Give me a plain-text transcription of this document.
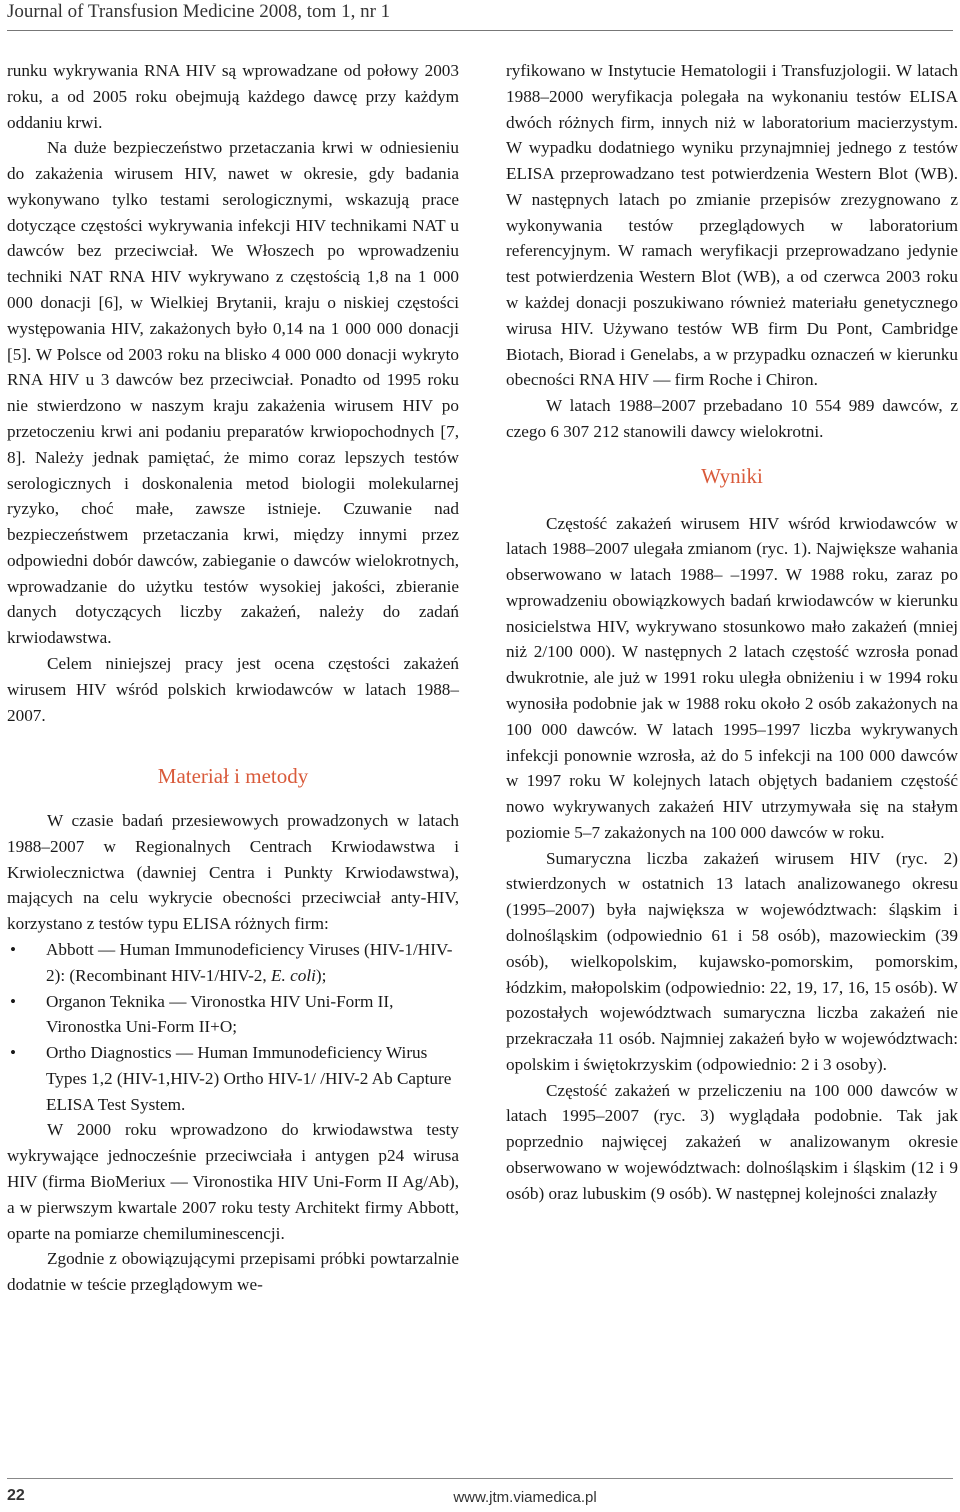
Journal of Transfusion Medicine 2008, tom 1, nr 1

runku wykrywania RNA HIV są wprowadzane od połowy 2003 roku, a od 2005 roku obejmują każdego dawcę przy każdym oddaniu krwi.

Na duże bezpieczeństwo przetaczania krwi w odniesieniu do zakażenia wirusem HIV, nawet w okresie, gdy badania wykonywano tylko testami serologicznymi, wskazują prace dotyczące częstości wykrywania infekcji HIV technikami NAT u dawców bez przeciwciał. We Włoszech po wprowadzeniu techniki NAT RNA HIV wykrywano z częstością 1,8 na 1 000 000 donacji [6], w Wielkiej Brytanii, kraju o niskiej częstości występowania HIV, zakażonych było 0,14 na 1 000 000 donacji [5]. W Polsce od 2003 roku na blisko 4 000 000 donacji wykryto RNA HIV u 3 dawców bez przeciwciał. Ponadto od 1995 roku nie stwierdzono w naszym kraju zakażenia wirusem HIV po przetoczeniu krwi ani podaniu preparatów krwiopochodnych [7, 8]. Należy jednak pamiętać, że mimo coraz lepszych testów serologicznych i doskonalenia metod biologii molekularnej ryzyko, choć małe, zawsze istnieje. Czuwanie nad bezpieczeństwem przetaczania krwi, między innymi przez odpowiedni dobór dawców, zabieganie o dawców wielokrotnych, wprowadzanie do użytku testów wysokiej jakości, zbieranie danych dotyczących liczby zakażeń, należy do zadań krwiodawstwa.

Celem niniejszej pracy jest ocena częstości zakażeń wirusem HIV wśród polskich krwiodawców w latach 1988–2007.

Materiał i metody

W czasie badań przesiewowych prowadzonych w latach 1988–2007 w Regionalnych Centrach Krwiodawstwa i Krwiolecznictwa (dawniej Centra i Punkty Krwiodawstwa), mających na celu wykrycie obecności przeciwciał anty-HIV, korzystano z testów typu ELISA różnych firm:

• Abbott — Human Immunodeficiency Viruses (HIV-1/HIV-2): (Recombinant HIV-1/HIV-2, E. coli);
• Organon Teknika — Vironostka HIV Uni-Form II, Vironostka Uni-Form II+O;
• Ortho Diagnostics — Human Immunodeficiency Wirus Types 1,2 (HIV-1,HIV-2) Ortho HIV-1/ /HIV-2 Ab Capture ELISA Test System.

W 2000 roku wprowadzono do krwiodawstwa testy wykrywające jednocześnie przeciwciała i antygen p24 wirusa HIV (firma BioMeriux — Vironostika HIV Uni-Form II Ag/Ab), a w pierwszym kwartale 2007 roku testy Architekt firmy Abbott, oparte na pomiarze chemiluminescencji.

Zgodnie z obowiązującymi przepisami próbki powtarzalnie dodatnie w teście przeglądowym we-

ryfikowano w Instytucie Hematologii i Transfuzjologii. W latach 1988–2000 weryfikacja polegała na wykonaniu testów ELISA dwóch różnych firm, innych niż w laboratorium macierzystym. W wypadku dodatniego wyniku przynajmniej jednego z testów ELISA przeprowadzano test potwierdzenia Western Blot (WB). W następnych latach po zmianie przepisów zrezygnowano z wykonywania testów przeglądowych w laboratorium referencyjnym. W ramach weryfikacji przeprowadzano jedynie test potwierdzenia Western Blot (WB), a od czerwca 2003 roku w każdej donacji poszukiwano również materiału genetycznego wirusa HIV. Używano testów WB firm Du Pont, Cambridge Biotach, Biorad i Genelabs, a w przypadku oznaczeń w kierunku obecności RNA HIV — firm Roche i Chiron.

W latach 1988–2007 przebadano 10 554 989 dawców, z czego 6 307 212 stanowili dawcy wielokrotni.

Wyniki

Częstość zakażeń wirusem HIV wśród krwiodawców w latach 1988–2007 ulegała zmianom (ryc. 1). Największe wahania obserwowano w latach 1988– –1997. W 1988 roku, zaraz po wprowadzeniu obowiązkowych badań krwiodawców w kierunku nosicielstwa HIV, wykrywano stosunkowo mało zakażeń (mniej niż 2/100 000). W następnych 2 latach częstość wzrosła ponad dwukrotnie, ale już w 1991 roku uległa obniżeniu i w 1994 roku wynosiła podobnie jak w 1988 roku około 2 osób zakażonych na 100 000 dawców. W latach 1995–1997 liczba wykrywanych infekcji ponownie wzrosła, aż do 5 infekcji na 100 000 dawców w 1997 roku W kolejnych latach objętych badaniem częstość nowo wykrywanych zakażeń HIV utrzymywała się na stałym poziomie 5–7 zakażonych na 100 000 dawców w roku.

Sumaryczna liczba zakażeń wirusem HIV (ryc. 2) stwierdzonych w ostatnich 13 latach analizowanego okresu (1995–2007) była największa w województwach: śląskim i dolnośląskim (odpowiednio 61 i 58 osób), mazowieckim (39 osób), wielkopolskim, kujawsko-pomorskim, pomorskim, łódzkim, małopolskim (odpowiednio: 22, 19, 17, 16, 15 osób). W pozostałych województwach sumaryczna liczba zakażeń nie przekraczała 11 osób. Najmniej zakażeń było w województwach: opolskim i świętokrzyskim (odpowiednio: 2 i 3 osoby).

Częstość zakażeń w przeliczeniu na 100 000 dawców w latach 1995–2007 (ryc. 3) wyglądała podobnie. Tak jak poprzednio najwięcej zakażeń w analizowanym okresie obserwowano w województwach: dolnośląskim i śląskim (12 i 9 osób) oraz lubuskim (9 osób). W następnej kolejności znalazły

22	www.jtm.viamedica.pl
